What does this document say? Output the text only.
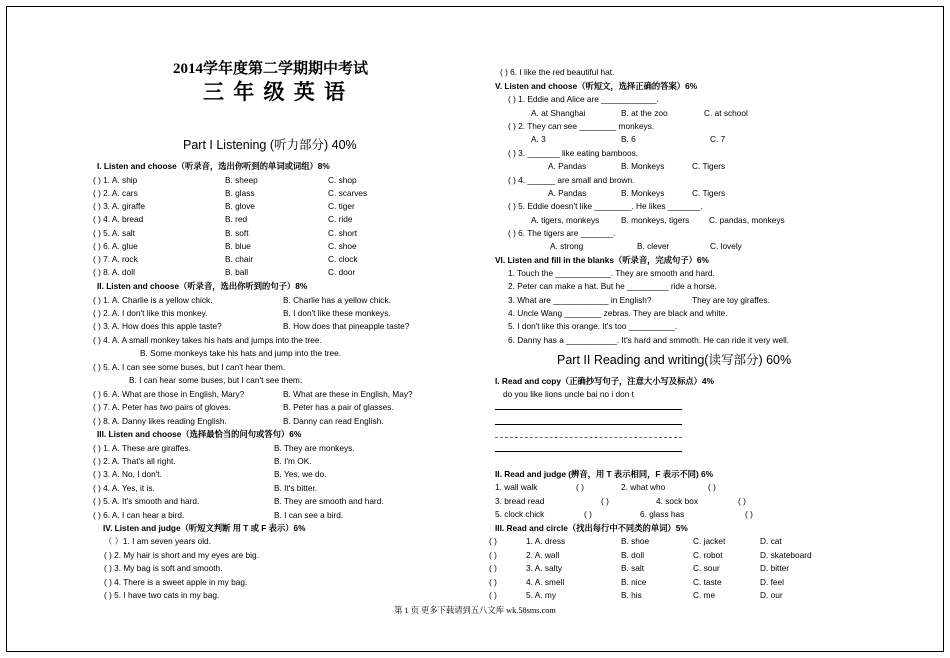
2014学年度第二学期期中考试
三 年 级 英 语
Part I Listening (听力部分) 40%
I. Listen and choose（听录音，选出你听到的单词或词组）8%
( ) 1. A. ship	B. sheep	C. shop
( ) 2. A. cars	B. glass	C. scarves
( ) 3. A. giraffe	B. glove	C. tiger
( ) 4. A. bread	B. red	C. ride
( ) 5. A. salt	B. soft	C. short
( ) 6. A. glue	B. blue	C. shoe
( ) 7. A. rock	B. chair	C. clock
( ) 8. A. doll	B. ball	C. door
II. Listen and choose（听录音，选出你听到的句子）8%
( ) 1. A. Charlie is a yellow chick.	B. Charlie has a yellow chick.
( ) 2. A. I don't like this monkey.	B. I don't like these monkeys.
( ) 3. A. How does this apple taste?	B. How does that pineapple taste?
( ) 4. A. A small monkey takes his hats and jumps into the tree.
B. Some monkeys take his hats and jump into the tree.
( ) 5. A. I can see some buses, but I can't hear them.
B. I can hear some buses, but I can't see them.
( ) 6. A. What are those in English, Mary?	B. What are these in English, May?
( ) 7. A. Peter has two pairs of gloves.	B. Peter has a pair of glasses.
( ) 8. A. Danny likes reading English.	B. Danny can read English.
III. Listen and choose（选择最恰当的问句或答句）6%
( ) 1. A. These are giraffes.	B. They are monkeys.
( ) 2. A. That's all right.	B. I'm OK.
( ) 3. A. No, I don't.	B. Yes, we do.
( ) 4. A. Yes, it is.	B. It's bitter.
( ) 5. A. It's smooth and hard.	B. They are smooth and hard.
( ) 6. A. I can hear a bird.	B. I can see a bird.
IV. Listen and judge（听短文判断 用 T 或 F 表示）6%
（ ）1. I am seven years old.
( ) 2. My hair is short and my eyes are big.
( ) 3. My bag is soft and smooth.
( ) 4. There is a sweet apple in my bag.
( ) 5. I have two cats in my bag.
( ) 6. I like the red beautiful hat.
V. Listen and choose（听短文，选择正确的答案）6%
( ) 1. Eddie and Alice are ____________.
A. at Shanghai	B. at the zoo	C. at school
( ) 2. They can see ________ monkeys.
A. 3	B. 6	C. 7
( ) 3. _______ like eating bamboos.
A. Pandas	B. Monkeys	C. Tigers
( ) 4. ______ are small and brown.
A. Pandas	B. Monkeys	C. Tigers
( ) 5. Eddie doesn't like ________. He likes _______.
A. tigers, monkeys	B. monkeys, tigers C. pandas, monkeys
( ) 6. The tigers are _______.
A. strong	B. clever	C. lovely
VI. Listen and fill in the blanks（听录音，完成句子）6%
1. Touch the ____________. They are smooth and hard.
2. Peter can make a hat. But he _________ ride a horse.
3. What are ____________ in English?	They are toy giraffes.
4. Uncle Wang ________ zebras. They are black and white.
5. I don't like this orange. It's too __________.
6. Danny has a ___________. It's hard and smmoth. He can ride it very well.
Part II Reading and writing(读写部分) 60%
I. Read and copy（正确抄写句子，注意大小写及标点）4%
do you like lions uncle bai no i don t
II. Read and judge (辨音，用 T 表示相同，F 表示不同) 6%
1. wall walk	( )	2. what who	( )
3. bread read	( )	4. sock box	( )
5. clock chick	( )	6. glass has	( )
III. Read and circle（找出每行中不同类的单词）5%
( )	1. A. dress	B. shoe	C. jacket	D. cat
( )	2. A. wall	B. doll	C. robot	D. skateboard
( )	3. A. salty	B. salt	C. sour	D. bitter
( )	4. A. smell	B. nice	C. taste	D. feel
( )	5. A. my	B. his	C. me	D. our
第 1 页 更多下载请到五八文库 wk.58sms.com
